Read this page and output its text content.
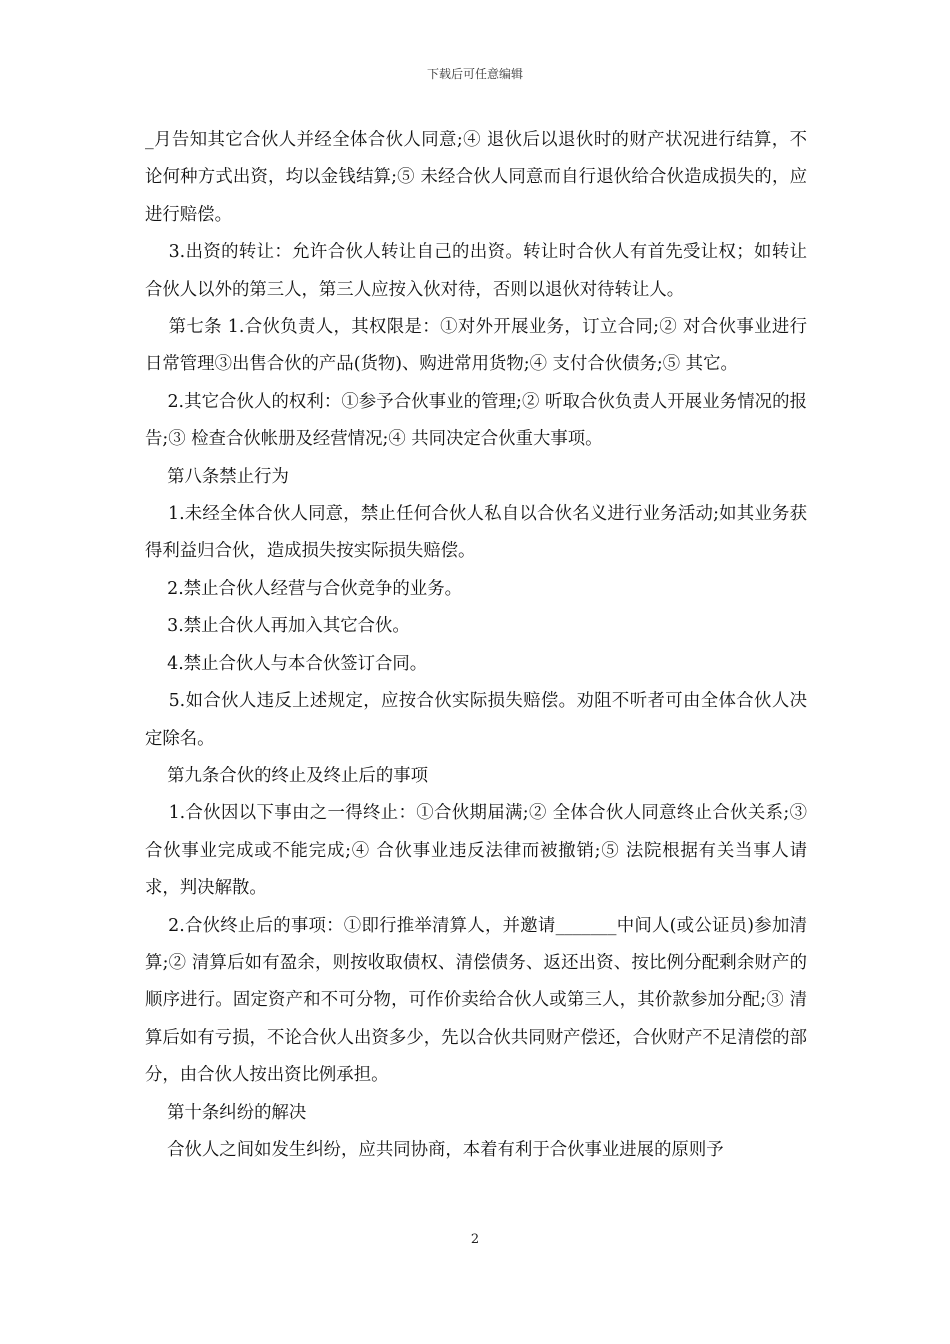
下载后可任意编辑

_月告知其它合伙人并经全体合伙人同意;④ 退伙后以退伙时的财产状况进行结算，不论何种方式出资，均以金钱结算;⑤ 未经合伙人同意而自行退伙给合伙造成损失的，应进行赔偿。

3.出资的转让：允许合伙人转让自己的出资。转让时合伙人有首先受让权；如转让合伙人以外的第三人，第三人应按入伙对待，否则以退伙对待转让人。

第七条 1.合伙负责人，其权限是：①对外开展业务，订立合同;② 对合伙事业进行日常管理③出售合伙的产品(货物)、购进常用货物;④ 支付合伙债务;⑤ 其它。

2.其它合伙人的权利：①参予合伙事业的管理;② 听取合伙负责人开展业务情况的报告;③ 检查合伙帐册及经营情况;④ 共同决定合伙重大事项。

第八条禁止行为

1.未经全体合伙人同意，禁止任何合伙人私自以合伙名义进行业务活动;如其业务获得利益归合伙，造成损失按实际损失赔偿。

2.禁止合伙人经营与合伙竞争的业务。

3.禁止合伙人再加入其它合伙。

4.禁止合伙人与本合伙签订合同。

5.如合伙人违反上述规定，应按合伙实际损失赔偿。劝阻不听者可由全体合伙人决定除名。

第九条合伙的终止及终止后的事项

1.合伙因以下事由之一得终止：①合伙期届满;② 全体合伙人同意终止合伙关系;③ 合伙事业完成或不能完成;④ 合伙事业违反法律而被撤销;⑤ 法院根据有关当事人请求，判决解散。

2.合伙终止后的事项：①即行推举清算人，并邀请_______中间人(或公证员)参加清算;② 清算后如有盈余，则按收取债权、清偿债务、返还出资、按比例分配剩余财产的顺序进行。固定资产和不可分物，可作价卖给合伙人或第三人，其价款参加分配;③ 清算后如有亏损，不论合伙人出资多少，先以合伙共同财产偿还，合伙财产不足清偿的部分，由合伙人按出资比例承担。

第十条纠纷的解决

合伙人之间如发生纠纷，应共同协商，本着有利于合伙事业进展的原则予

2
